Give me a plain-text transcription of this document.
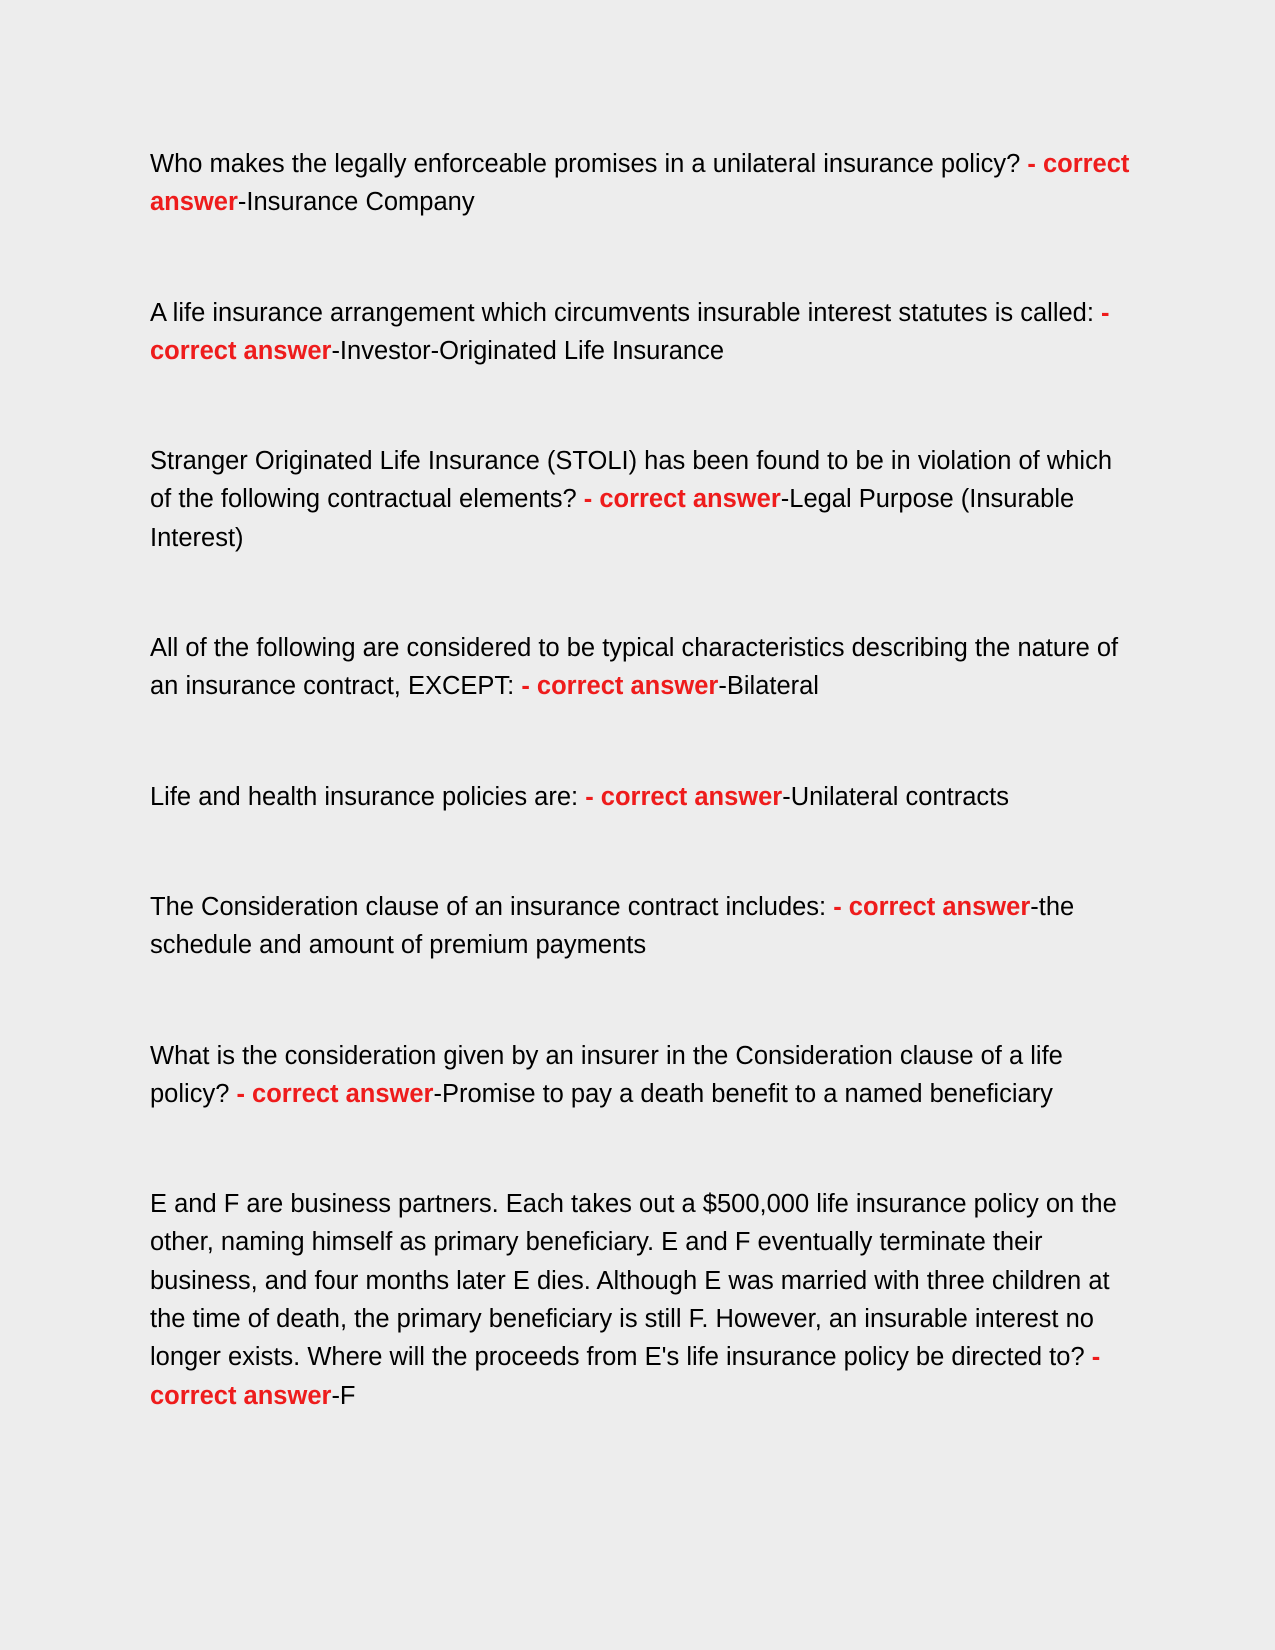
Who makes the legally enforceable promises in a unilateral insurance policy? - correct answer-Insurance Company

A life insurance arrangement which circumvents insurable interest statutes is called: - correct answer-Investor-Originated Life Insurance

Stranger Originated Life Insurance (STOLI) has been found to be in violation of which of the following contractual elements? - correct answer-Legal Purpose (Insurable Interest)

All of the following are considered to be typical characteristics describing the nature of an insurance contract, EXCEPT: - correct answer-Bilateral

Life and health insurance policies are: - correct answer-Unilateral contracts

The Consideration clause of an insurance contract includes: - correct answer-the schedule and amount of premium payments

What is the consideration given by an insurer in the Consideration clause of a life policy? - correct answer-Promise to pay a death benefit to a named beneficiary

E and F are business partners. Each takes out a $500,000 life insurance policy on the other, naming himself as primary beneficiary. E and F eventually terminate their business, and four months later E dies. Although E was married with three children at the time of death, the primary beneficiary is still F. However, an insurable interest no longer exists. Where will the proceeds from E's life insurance policy be directed to? - correct answer-F
